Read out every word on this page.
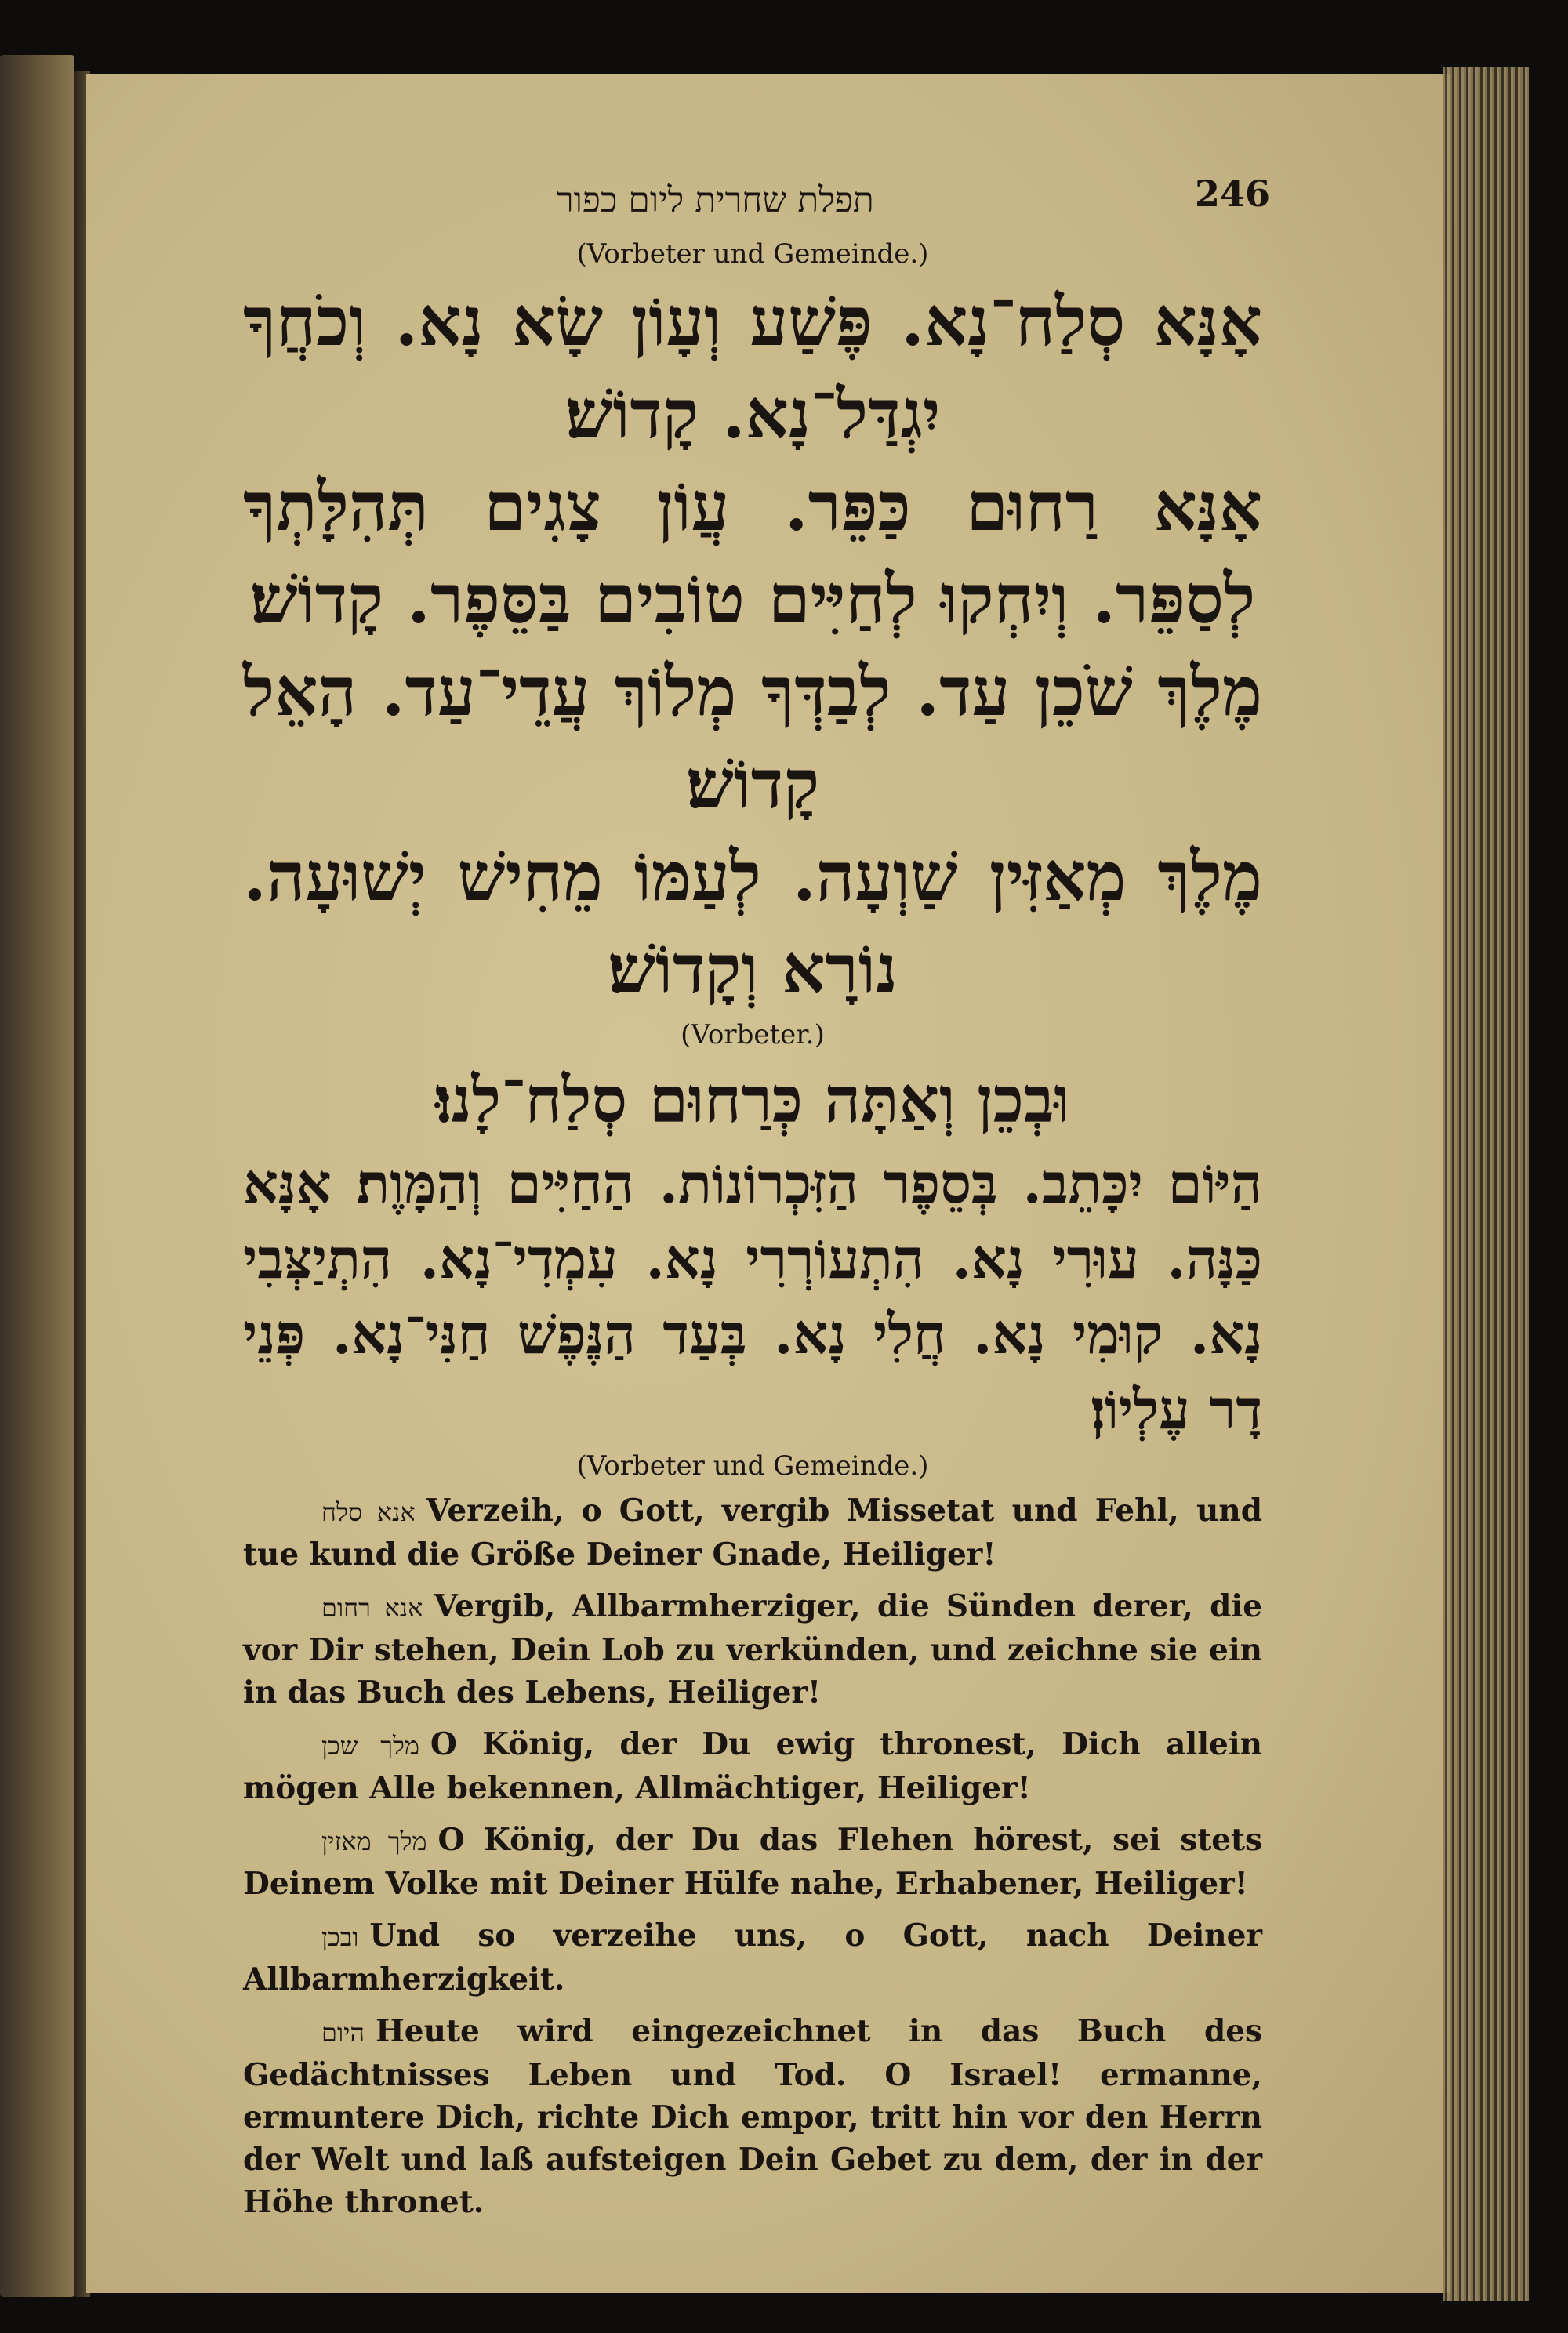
תפלת שחרית ליום כפור	246
(Vorbeter und Gemeinde.)

אָנָּא סְלַח־נָא. פֶּשַׁע וְעָוֹן שָׂא נָא. וְכֹחֲךָ יִגְדַּל־נָא. קָדוֹשׁ׃

אָנָּא רַחוּם כַּפֵּר. עֲוֹן צָגִים תְּהִלָּתְךָ לְסַפֵּר. וְיִחְקוּ לְחַיִּים טוֹבִים בַּסֵּפֶר. קָדוֹשׁ׃

מֶלֶךְ שֹׁכֵן עַד. לְבַדְּךָ מְלוֹךְ עֲדֵי־עַד. הָאֵל קָדוֹשׁ׃

מֶלֶךְ מְאַזִּין שַׁוְעָה. לְעַמּוֹ מֵחִישׁ יְשׁוּעָה. נוֹרָא וְקָדוֹשׁ׃

(Vorbeter.)

וּבְכֵן וְאַתָּה כְּרַחוּם סְלַח־לָנוּ׃

הַיּוֹם יִכָּתֵב. בְּסֵפֶר הַזִּכְרוֹנוֹת. הַחַיִּים וְהַמָּוֶת׃ אָנָּא כַּנָּה. עוּרִי נָא. הִתְעוֹרְרִי נָא. עִמְדִי־נָא. הִתְיַצְּבִי נָא. קוּמִי נָא. חֲלִי נָא. בְּעַד הַנֶּפֶשׁ חַנִּי־נָא. פְּנֵי דָר עֶלְיוֹן׃

(Vorbeter und Gemeinde.)

אנא סלח Verzeih, o Gott, vergib Missetat und Fehl, und tue kund die Größe Deiner Gnade, Heiliger!

אנא רחום Vergib, Allbarmherziger, die Sünden derer, die vor Dir stehen, Dein Lob zu verkünden, und zeichne sie ein in das Buch des Lebens, Heiliger!

מלך שכן O König, der Du ewig thronest, Dich allein mögen Alle bekennen, Allmächtiger, Heiliger!

מלך מאזין O König, der Du das Flehen hörest, sei stets Deinem Volke mit Deiner Hülfe nahe, Erhabener, Heiliger!

ובכן Und so verzeihe uns, o Gott, nach Deiner Allbarmherzigkeit.

היום Heute wird eingezeichnet in das Buch des Gedächtnisses Leben und Tod. O Israel! ermanne, ermuntere Dich, richte Dich empor, tritt hin vor den Herrn der Welt und laß aufsteigen Dein Gebet zu dem, der in der Höhe thronet.
